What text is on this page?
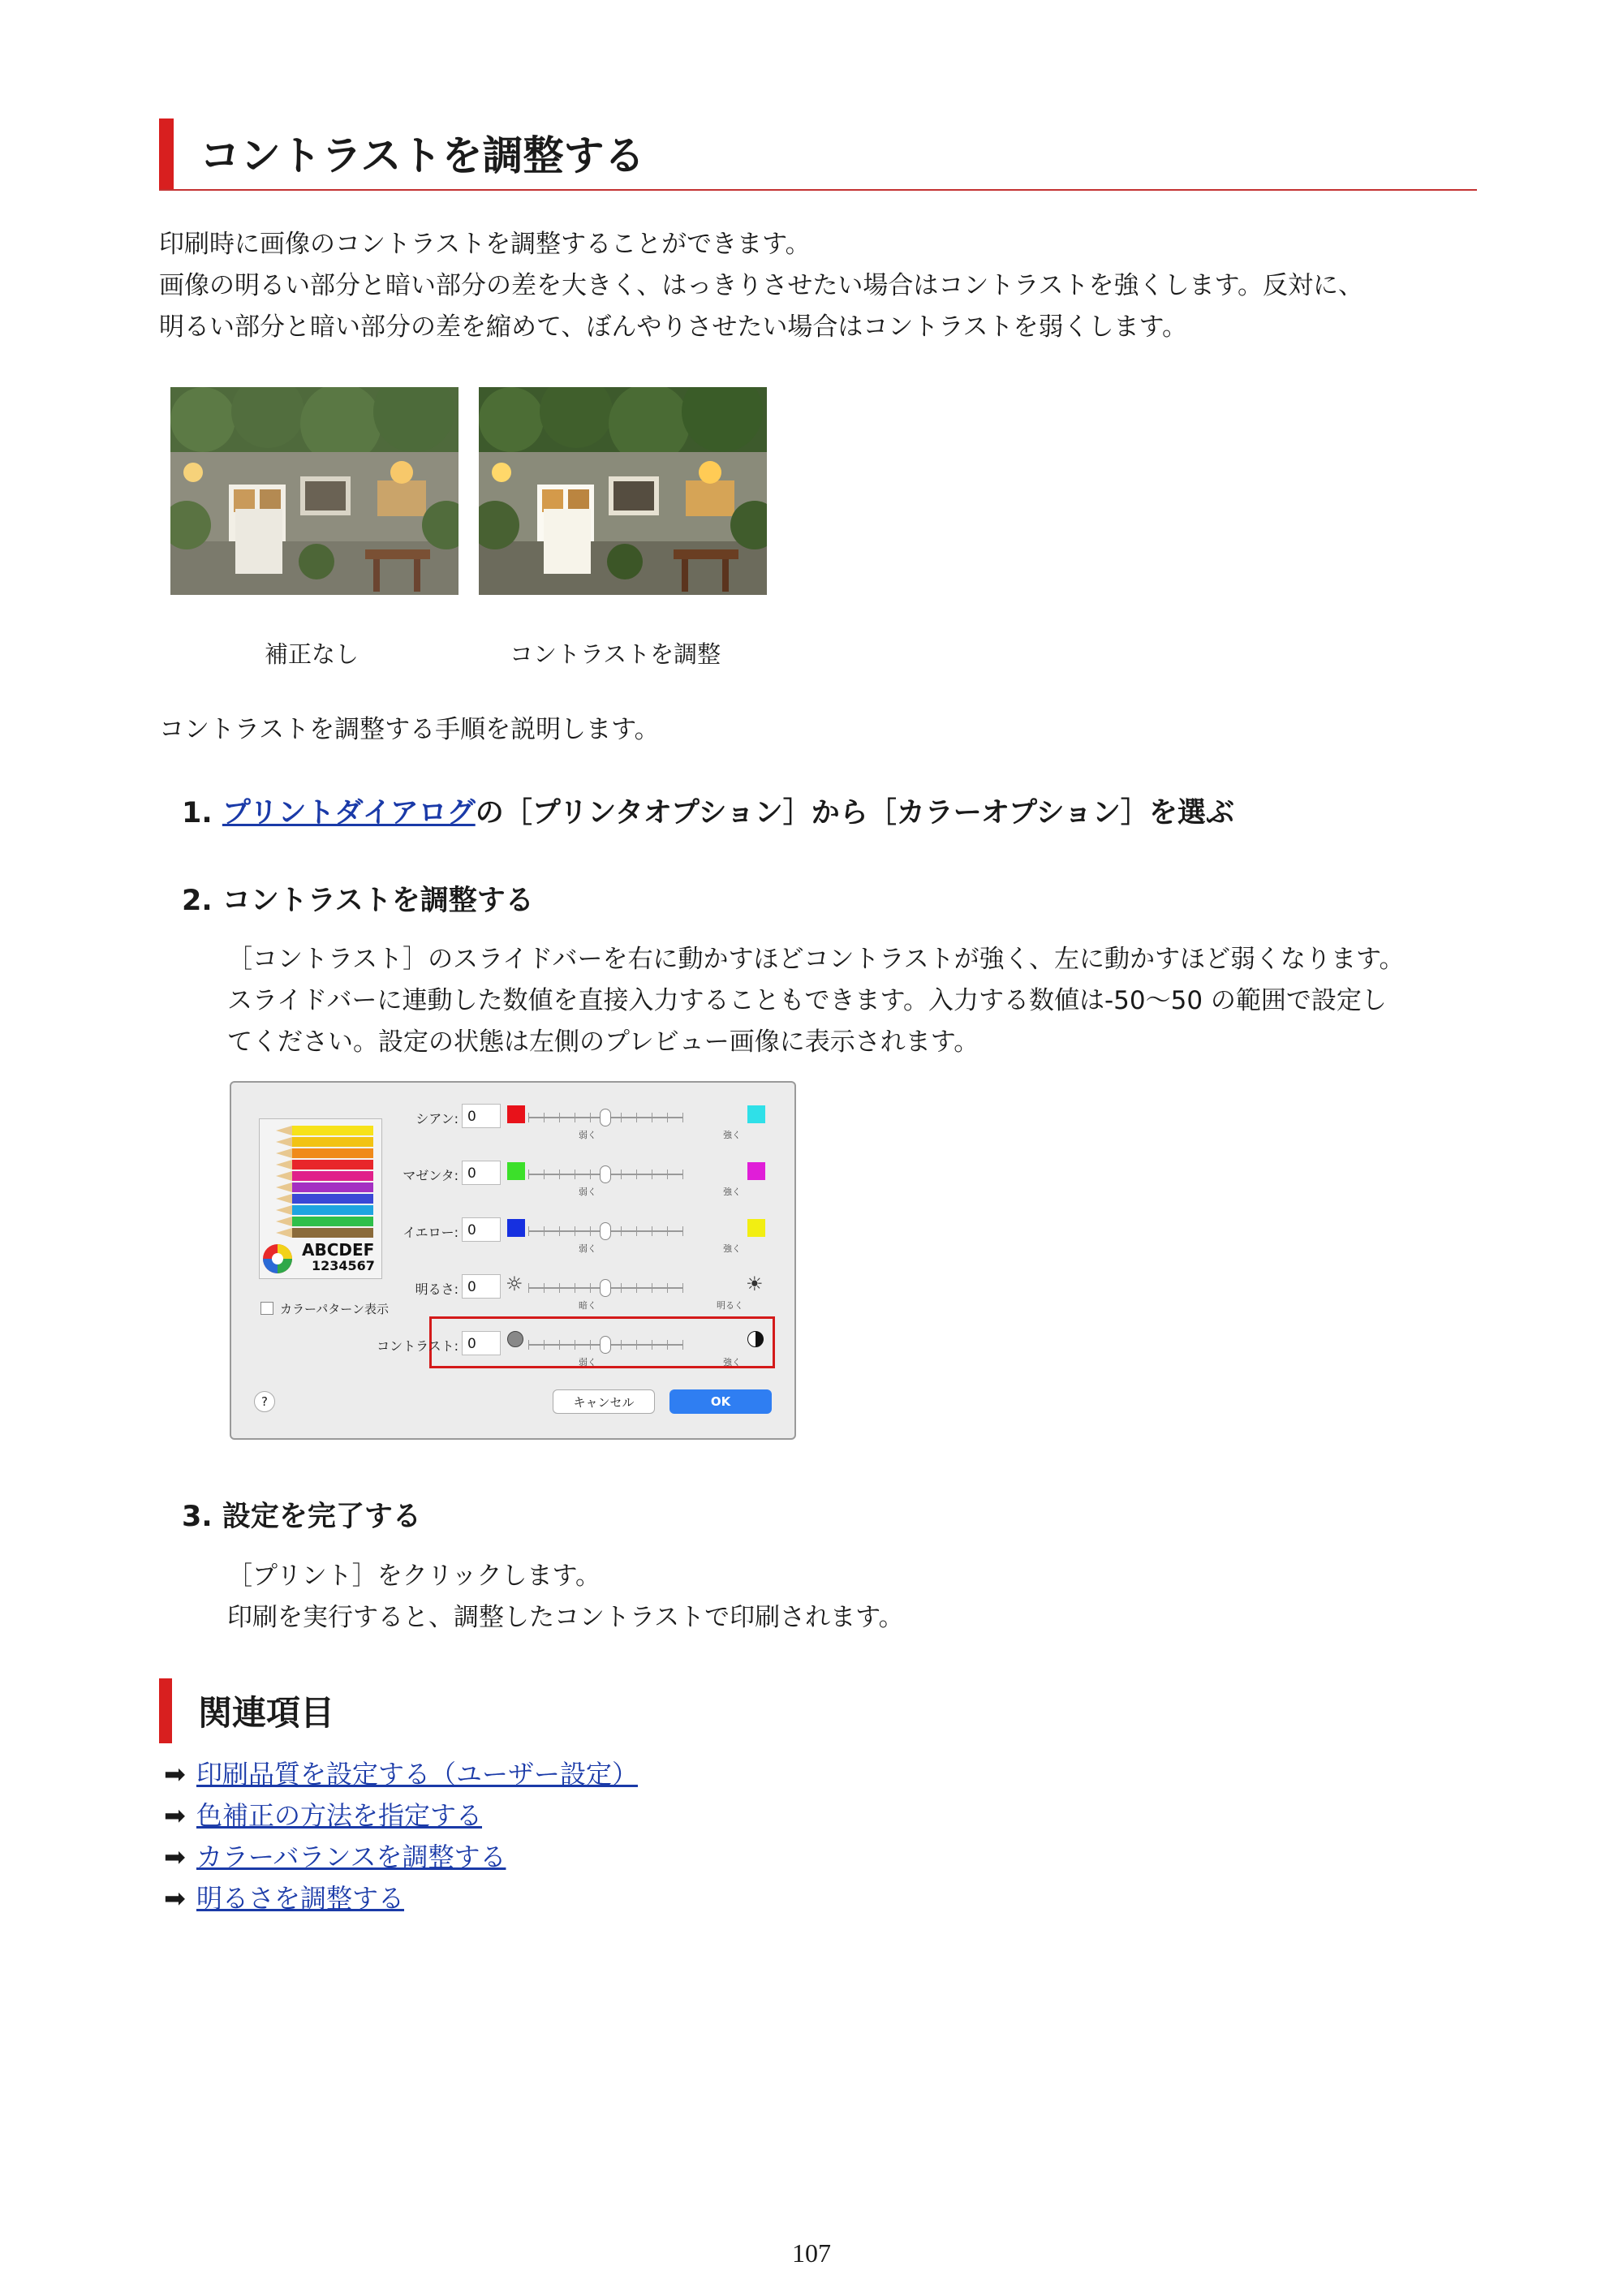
コントラストを調整する
印刷時に画像のコントラストを調整することができます。
画像の明るい部分と暗い部分の差を大きく、はっきりさせたい場合はコントラストを強くします。反対に、
明るい部分と暗い部分の差を縮めて、ぼんやりさせたい場合はコントラストを弱くします。
補正なし	コントラストを調整
コントラストを調整する手順を説明します。
1. プリントダイアログの［プリンタオプション］から［カラーオプション］を選ぶ
2. コントラストを調整する
［コントラスト］のスライドバーを右に動かすほどコントラストが強く、左に動かすほど弱くなります。
スライドバーに連動した数値を直接入力することもできます。入力する数値は-50〜50 の範囲で設定し
てください。設定の状態は左側のプレビュー画像に表示されます。
ABCDEF
1234567
カラーパターン表示
シアン: 0
弱く	強く
マゼンタ: 0
弱く	強く
イエロー: 0
弱く	強く
明るさ: 0	☼	☀
暗く	明るく
コントラスト: 0
弱く	強く
?	キャンセル	OK
3. 設定を完了する
［プリント］をクリックします。
印刷を実行すると、調整したコントラストで印刷されます。
関連項目
➡ 印刷品質を設定する（ユーザー設定）
➡ 色補正の方法を指定する
➡ カラーバランスを調整する
➡ 明るさを調整する
107
